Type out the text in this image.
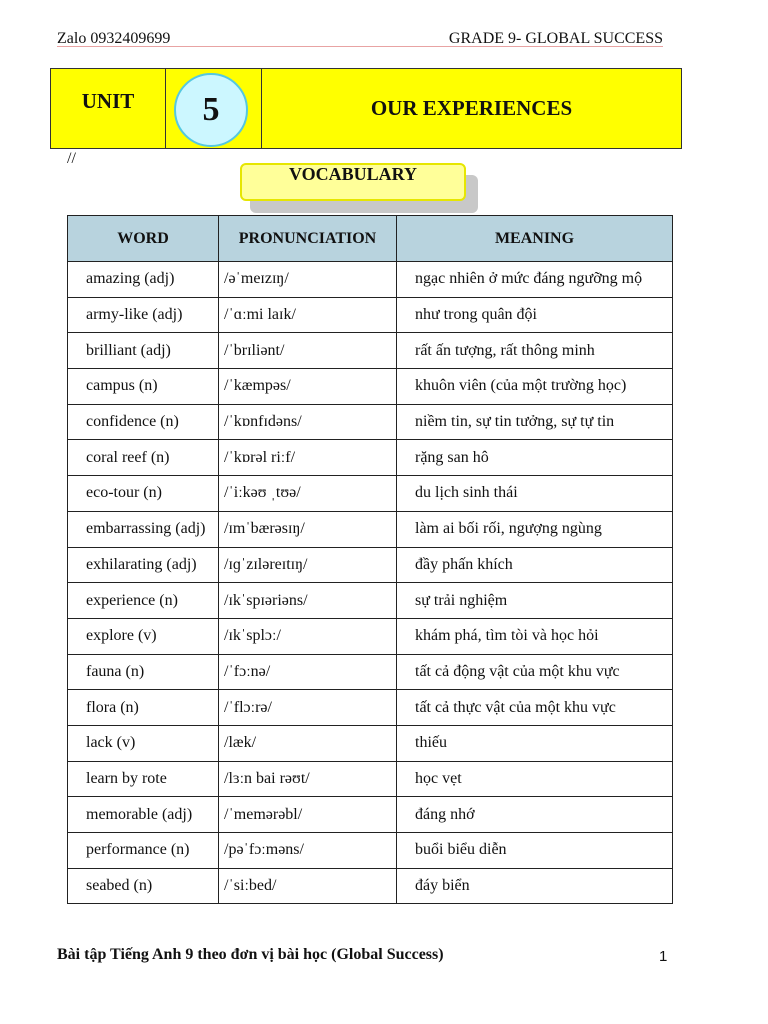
Zalo 0932409699	GRADE 9- GLOBAL SUCCESS
UNIT	5	OUR EXPERIENCES
//
VOCABULARY
WORD	PRONUNCIATION	MEANING
amazing (adj)	/əˈmeɪzɪŋ/	ngạc nhiên ở mức đáng ngưỡng mộ
army-like (adj)	/ˈɑːmi laɪk/	như trong quân đội
brilliant (adj)	/ˈbrɪliənt/	rất ấn tượng, rất thông minh
campus (n)	/ˈkæmpəs/	khuôn viên (của một trường học)
confidence (n)	/ˈkɒnfɪdəns/	niềm tin, sự tin tưởng, sự tự tin
coral reef (n)	/ˈkɒrəl riːf/	rặng san hô
eco-tour (n)	/ˈiːkəʊ ˌtʊə/	du lịch sinh thái
embarrassing (adj)	/ɪmˈbærəsɪŋ/	làm ai bối rối, ngượng ngùng
exhilarating (adj)	/ɪɡˈzɪləreɪtɪŋ/	đầy phấn khích
experience (n)	/ɪkˈspɪəriəns/	sự trải nghiệm
explore (v)	/ɪkˈsplɔː/	khám phá, tìm tòi và học hỏi
fauna (n)	/ˈfɔːnə/	tất cả động vật của một khu vực
flora (n)	/ˈflɔːrə/	tất cả thực vật của một khu vực
lack (v)	/læk/	thiếu
learn by rote	/lɜːn bai rəʊt/	học vẹt
memorable (adj)	/ˈmemərəbl/	đáng nhớ
performance (n)	/pəˈfɔːməns/	buổi biểu diễn
seabed (n)	/ˈsiːbed/	đáy biển
Bài tập Tiếng Anh 9 theo đơn vị bài học (Global Success)	1
